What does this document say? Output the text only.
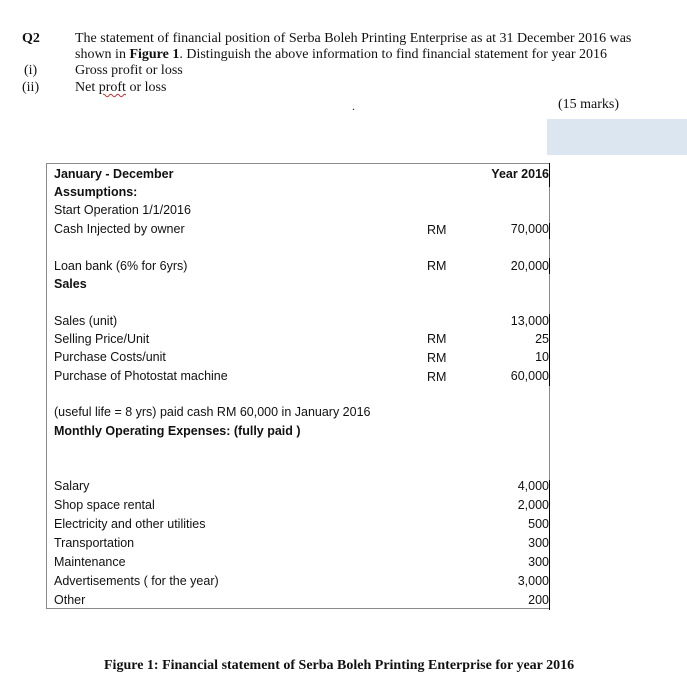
Q2	The statement of financial position of Serba Boleh Printing Enterprise as at 31 December 2016 was
shown in Figure 1. Distinguish the above information to find financial statement for year 2016
(i)	Gross profit or loss
(ii)	Net proft or loss
(15 marks)
.
January - December	Year 2016
Assumptions:
Start Operation 1/1/2016
Cash Injected by owner	RM	70,000
Loan bank (6% for 6yrs)	RM	20,000
Sales
Sales (unit)	13,000
Selling Price/Unit	RM	25
Purchase Costs/unit	RM	10
Purchase of Photostat machine	RM	60,000
(useful life = 8 yrs) paid cash RM 60,000 in January 2016
Monthly Operating Expenses: (fully paid )
Salary	4,000
Shop space rental	2,000
Electricity and other utilities	500
Transportation	300
Maintenance	300
Advertisements ( for the year)	3,000
Other	200
Figure 1: Financial statement of Serba Boleh Printing Enterprise for year 2016
